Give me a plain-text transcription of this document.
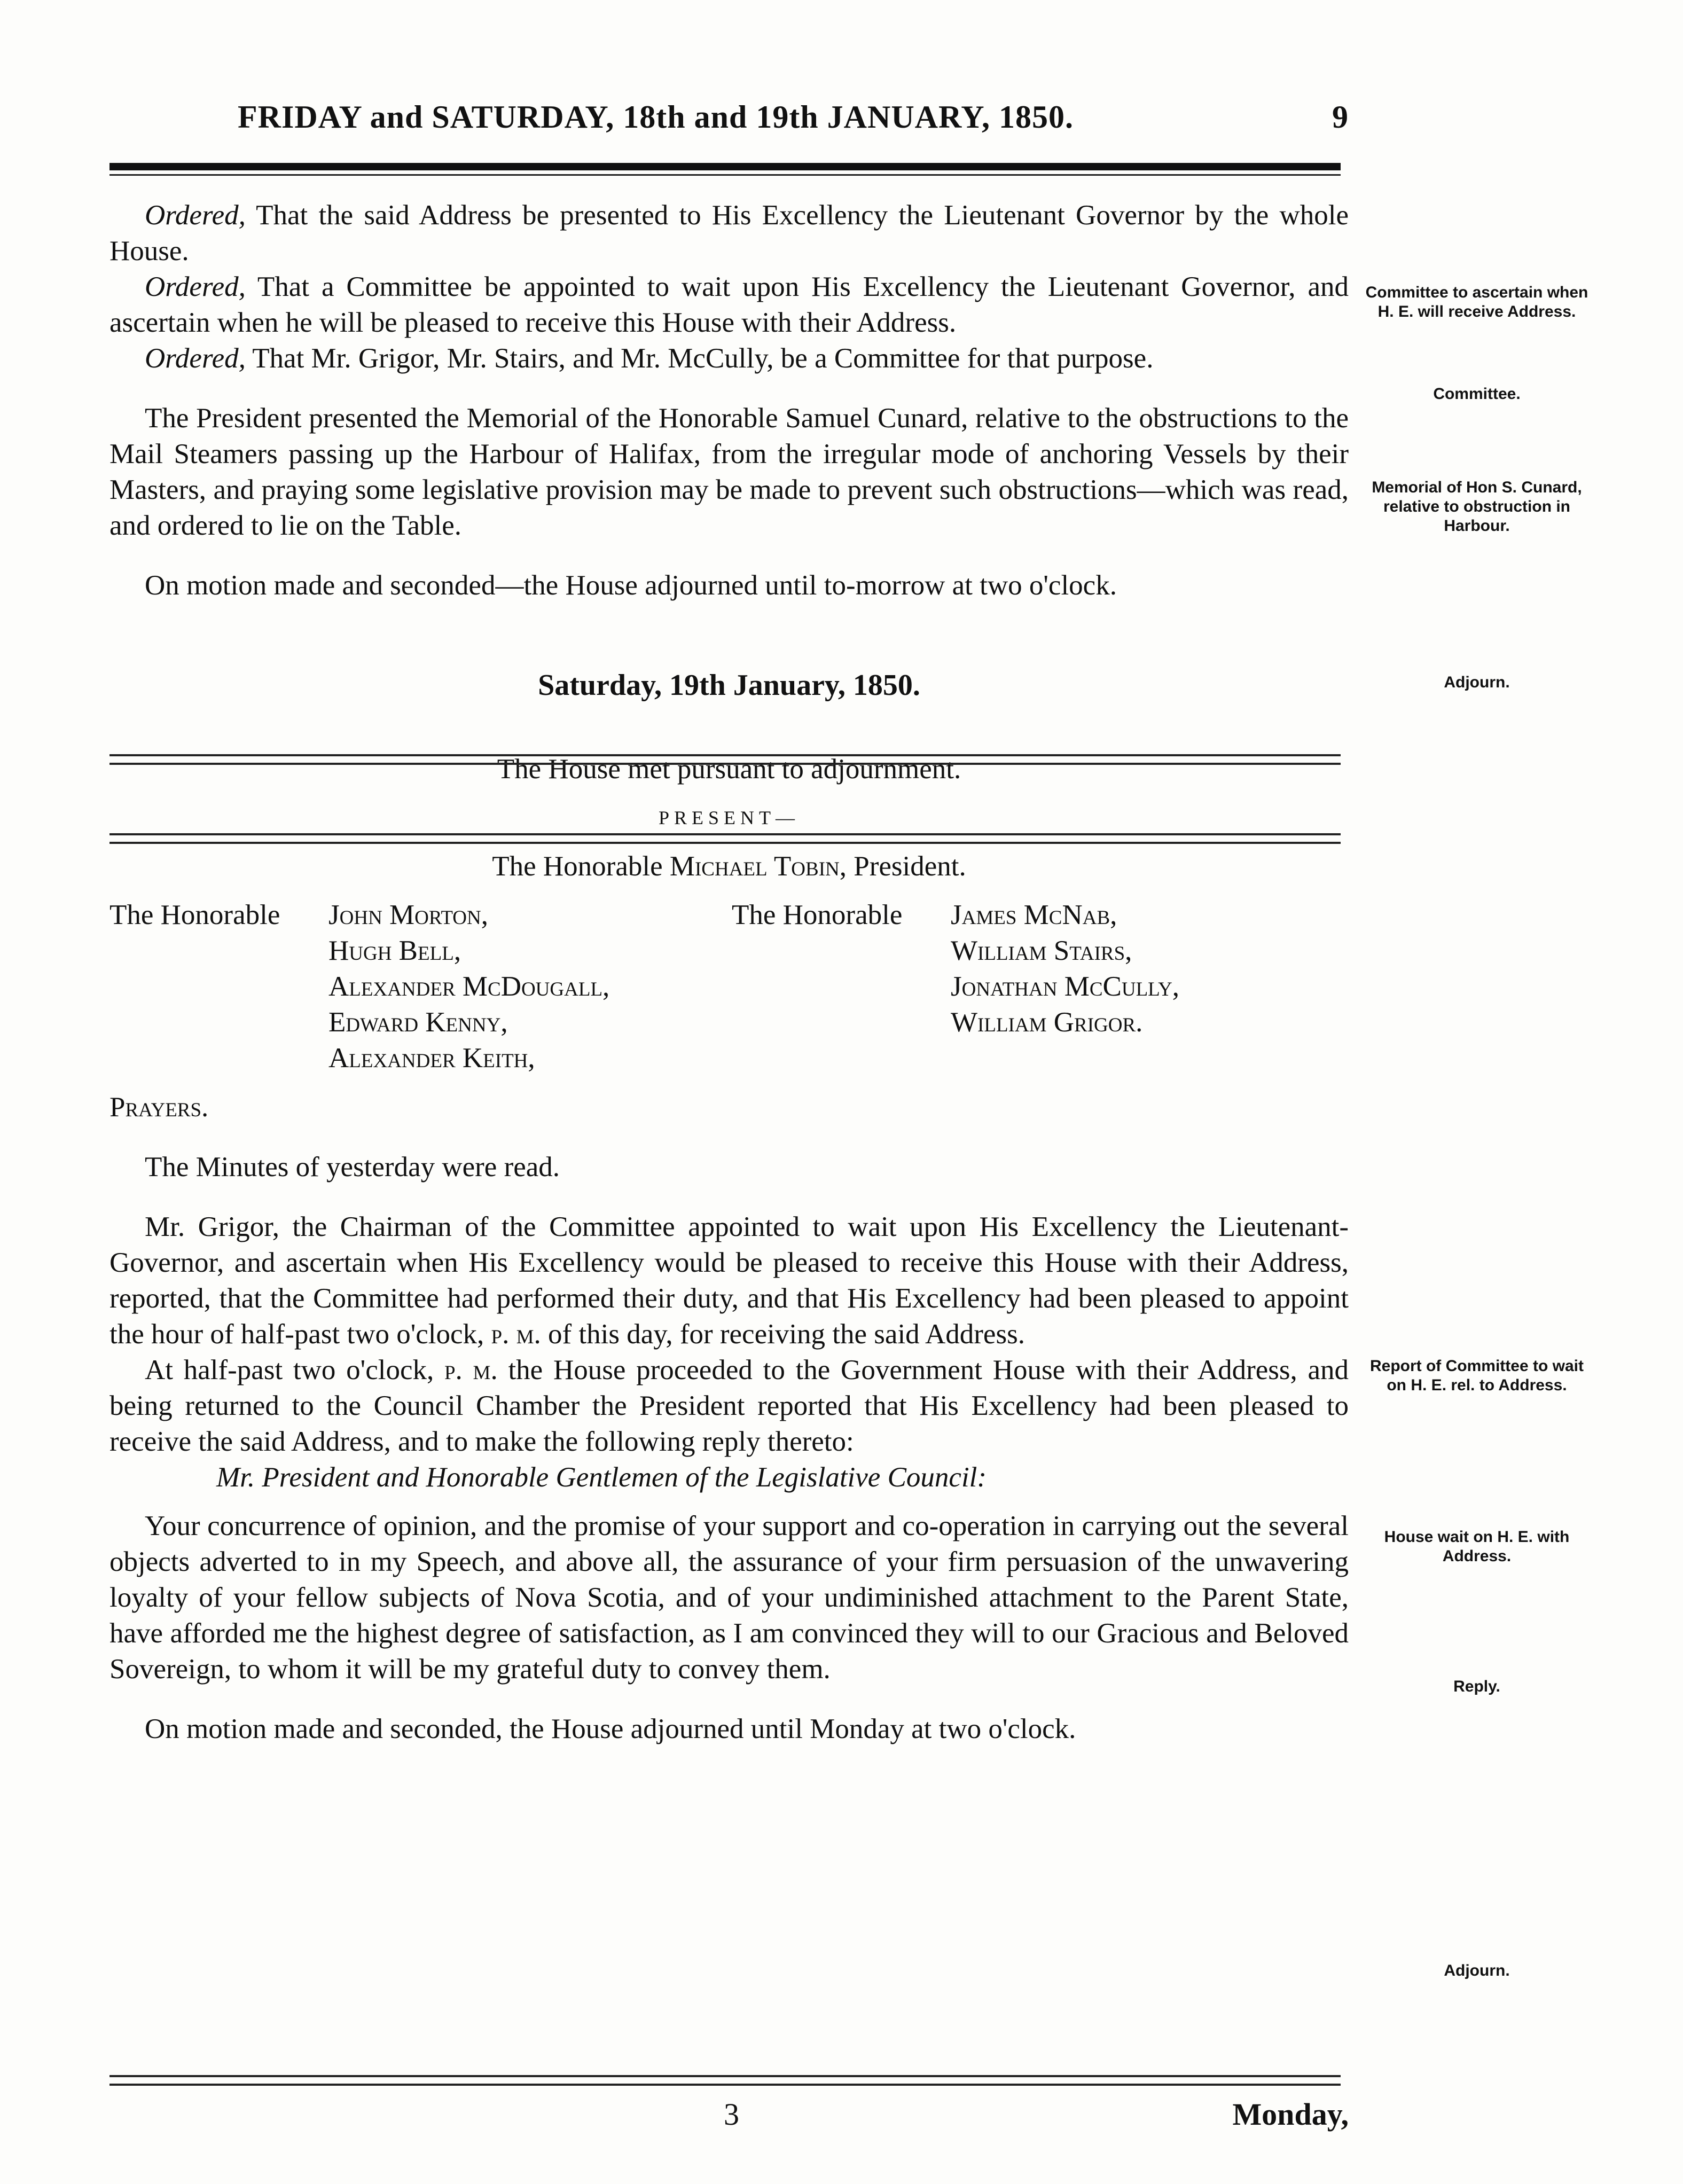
FRIDAY and SATURDAY, 18th and 19th JANUARY, 1850.	9

Ordered, That the said Address be presented to His Excellency the Lieutenant Governor by the whole House.

Ordered, That a Committee be appointed to wait upon His Excellency the Lieutenant Governor, and ascertain when he will be pleased to receive this House with their Address.

Ordered, That Mr. Grigor, Mr. Stairs, and Mr. McCully, be a Committee for that purpose.

The President presented the Memorial of the Honorable Samuel Cunard, relative to the obstructions to the Mail Steamers passing up the Harbour of Halifax, from the irregular mode of anchoring Vessels by their Masters, and praying some legislative provision may be made to prevent such obstructions—which was read, and ordered to lie on the Table.

On motion made and seconded—the House adjourned until to-morrow at two o'clock.

Saturday, 19th January, 1850.

The House met pursuant to adjournment.

PRESENT—

The Honorable Michael Tobin, President.

The Honorable John Morton,
Hugh Bell,
Alexander McDougall,
Edward Kenny,
Alexander Keith,
The Honorable James McNab,
William Stairs,
Jonathan McCully,
William Grigor.

Prayers.

The Minutes of yesterday were read.

Mr. Grigor, the Chairman of the Committee appointed to wait upon His Excellency the Lieutenant-Governor, and ascertain when His Excellency would be pleased to receive this House with their Address, reported, that the Committee had performed their duty, and that His Excellency had been pleased to appoint the hour of half-past two o'clock, p. m. of this day, for receiving the said Address.

At half-past two o'clock, p. m. the House proceeded to the Government House with their Address, and being returned to the Council Chamber the President reported that His Excellency had been pleased to receive the said Address, and to make the following reply thereto:

Mr. President and Honorable Gentlemen of the Legislative Council:

Your concurrence of opinion, and the promise of your support and co-operation in carrying out the several objects adverted to in my Speech, and above all, the assurance of your firm persuasion of the unwavering loyalty of your fellow subjects of Nova Scotia, and of your undiminished attachment to the Parent State, have afforded me the highest degree of satisfaction, as I am convinced they will to our Gracious and Beloved Sovereign, to whom it will be my grateful duty to convey them.

On motion made and seconded, the House adjourned until Monday at two o'clock.

Committee to ascertain when H. E. will receive Address.
Committee.
Memorial of Hon S. Cunard, relative to obstruction in Harbour.
Adjourn.
Report of Committee to wait on H. E. rel. to Address.
House wait on H. E. with Address.
Reply.
Adjourn.
3	Monday,
